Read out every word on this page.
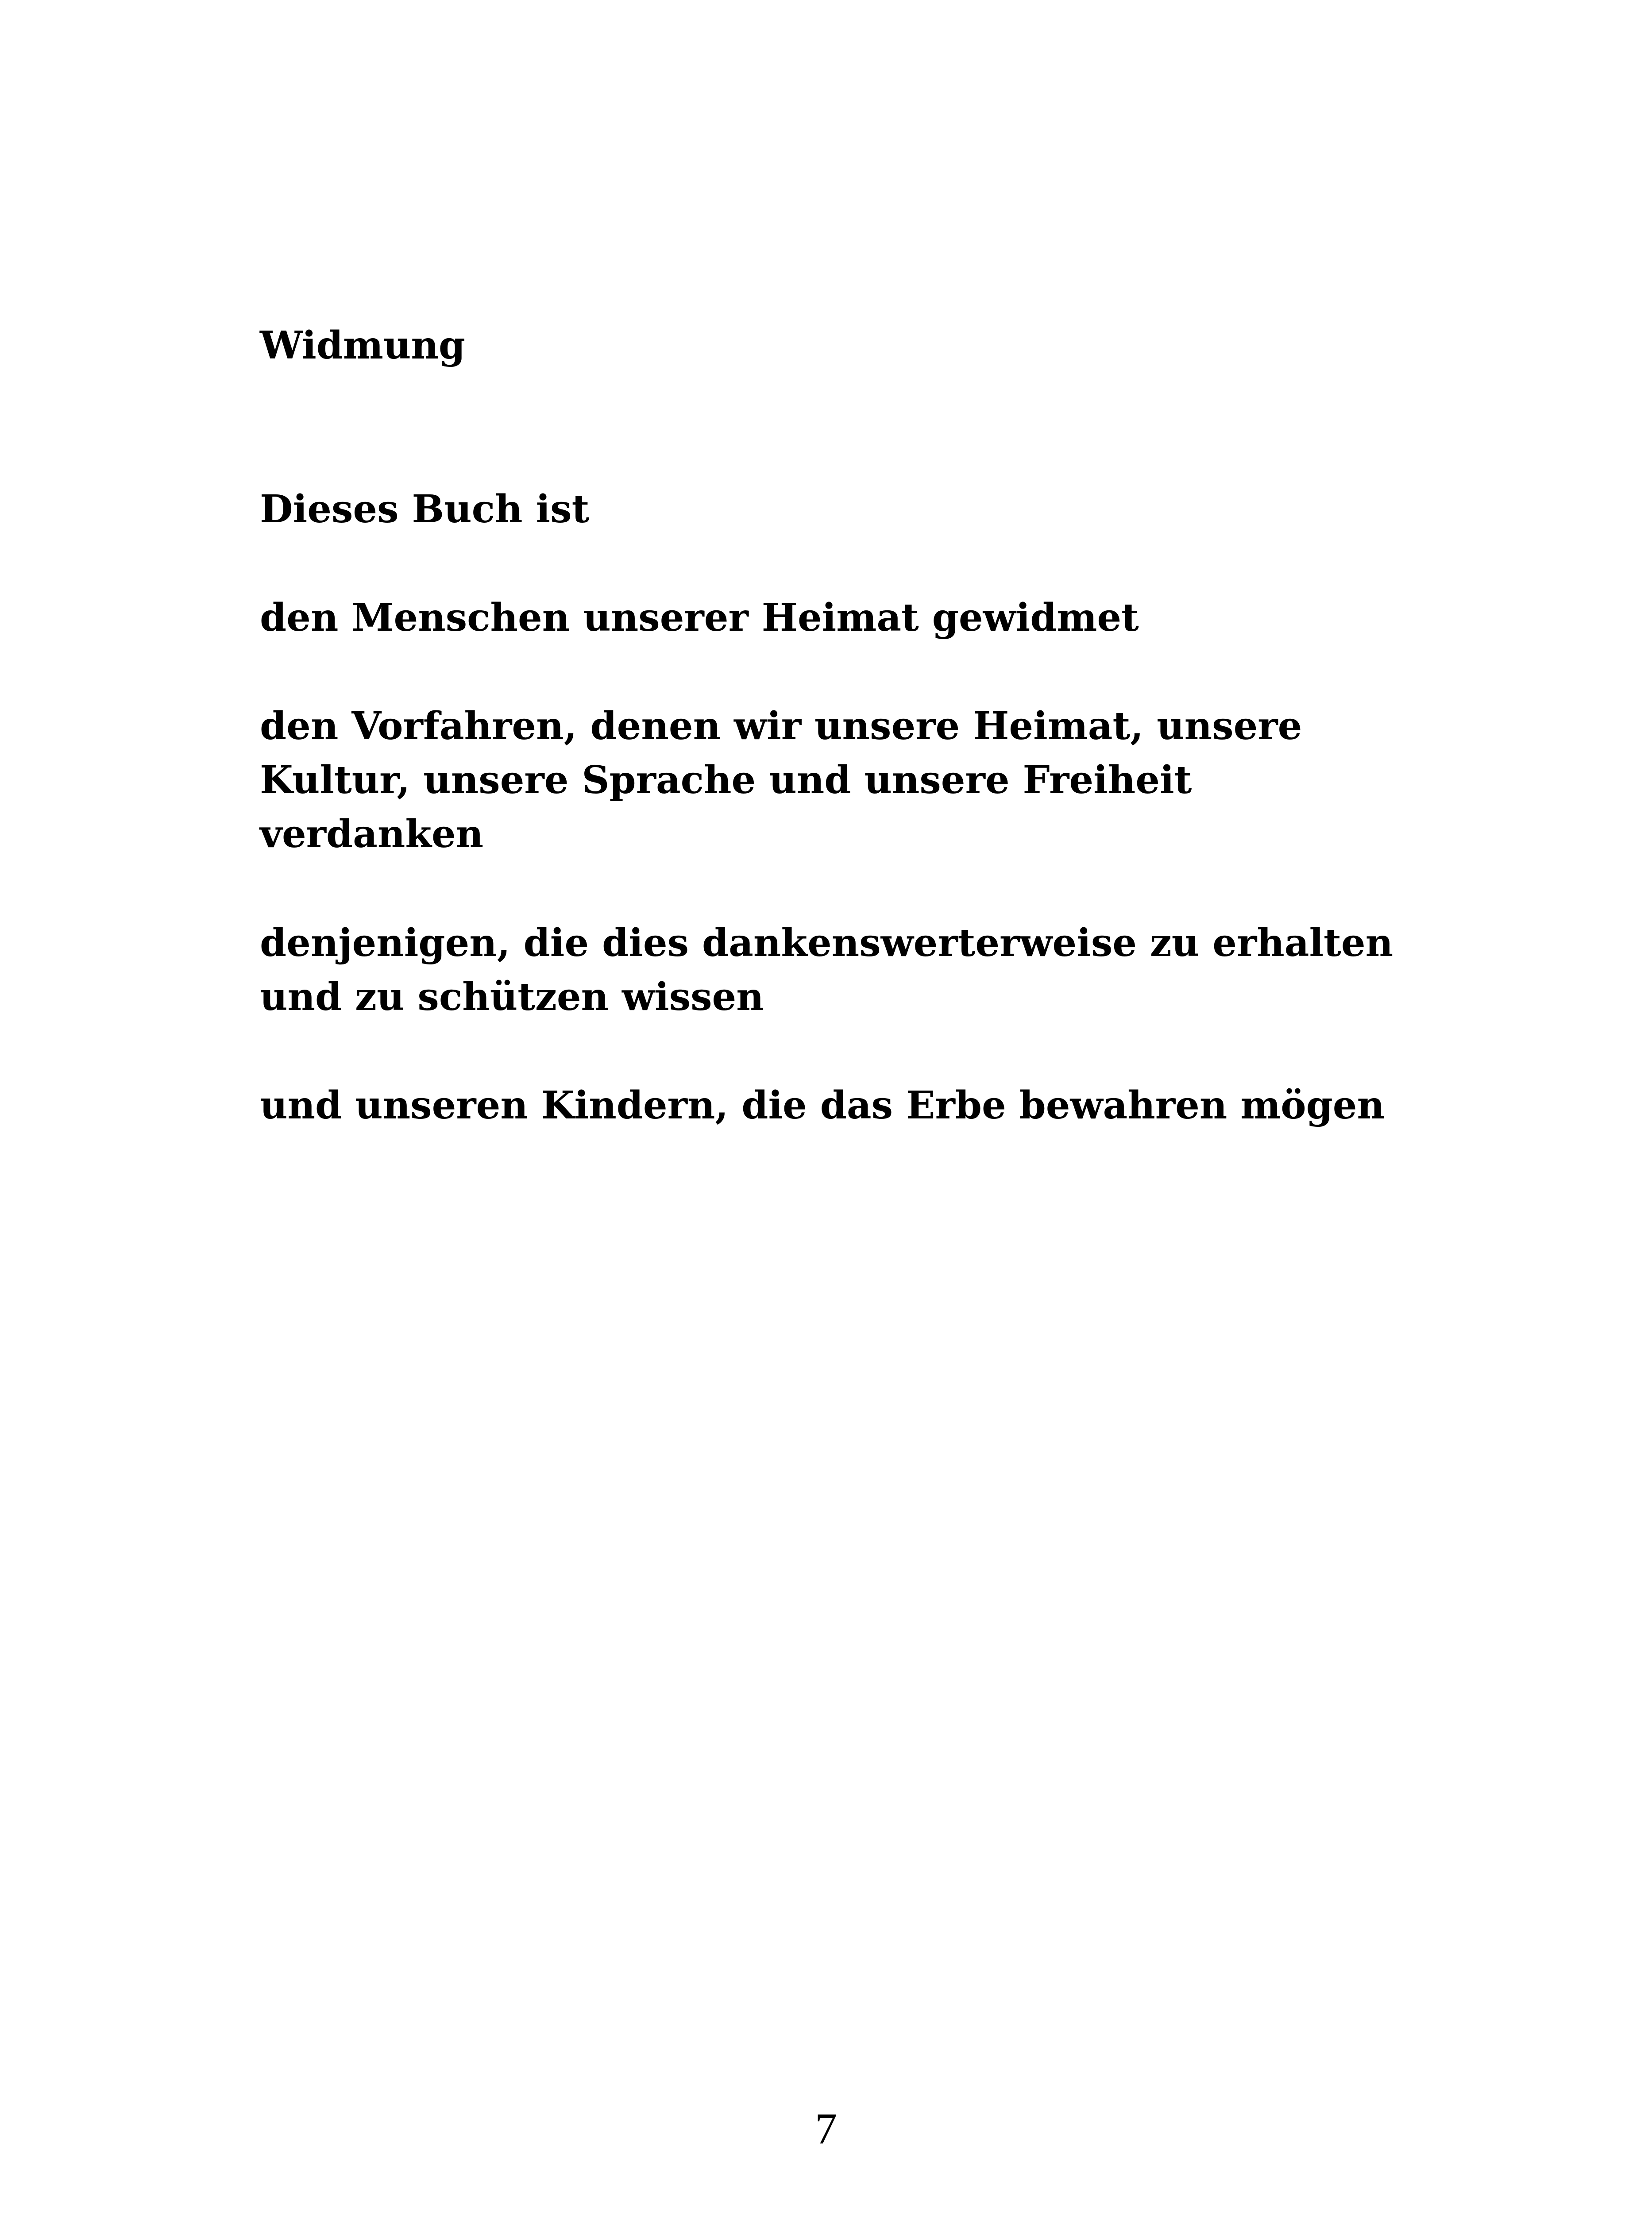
Widmung

Dieses Buch ist

den Menschen unserer Heimat gewidmet

den Vorfahren, denen wir unsere Heimat, unsere

Kultur, unsere Sprache und unsere Freiheit

verdanken

denjenigen, die dies dankenswerterweise zu erhalten

und zu schützen wissen

und unseren Kindern, die das Erbe bewahren mögen

7
